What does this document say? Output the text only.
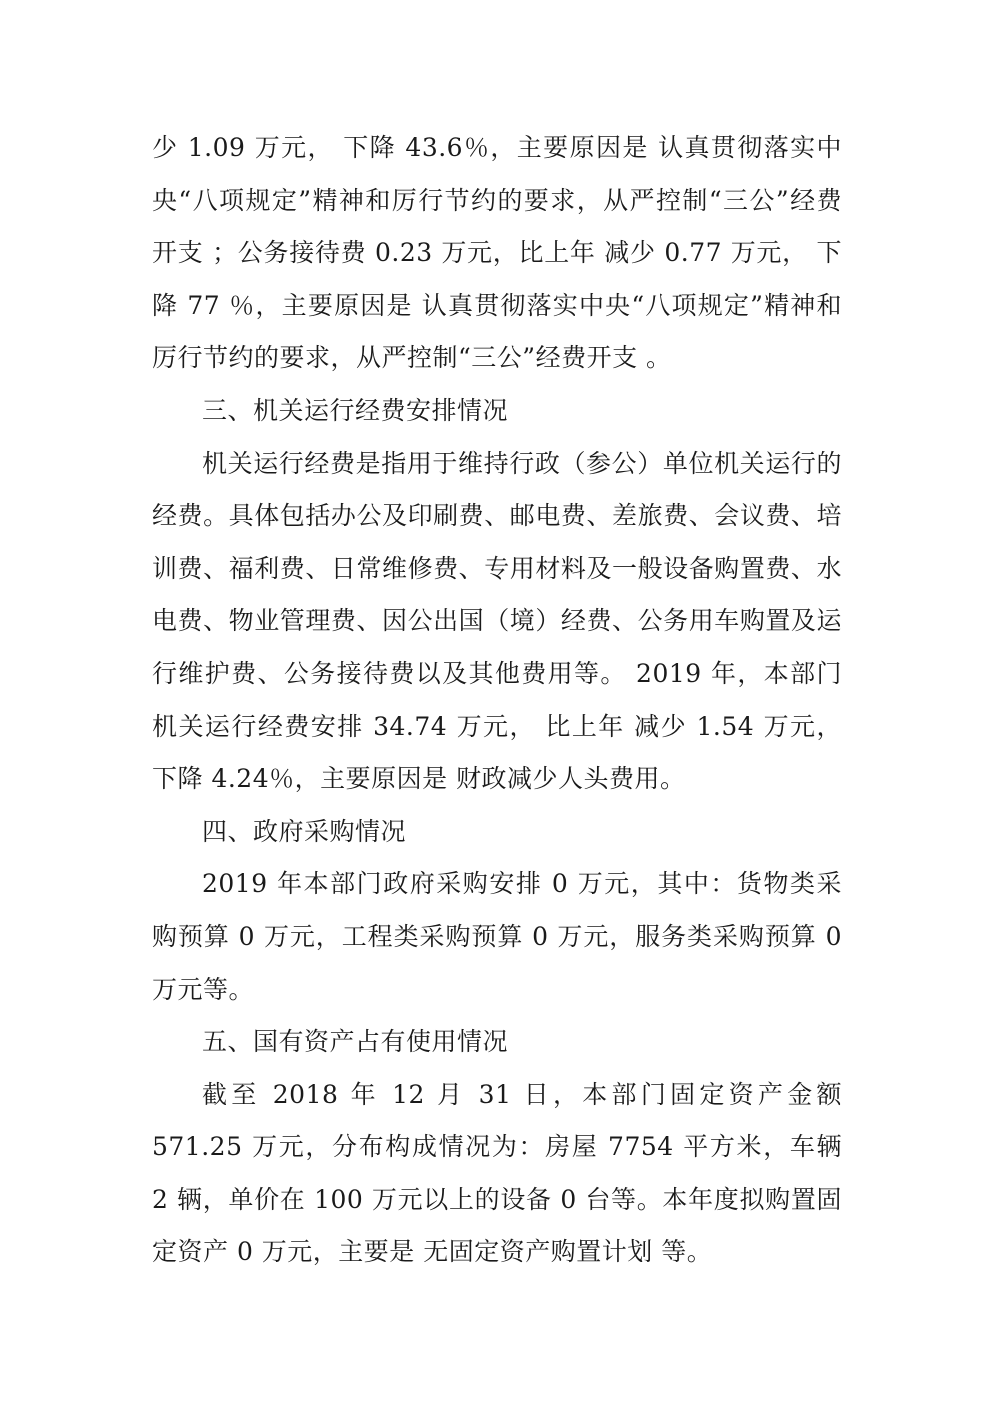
少 1.09 万元， 下降 43.6％，主要原因是 认真贯彻落实中央“八项规定”精神和厉行节约的要求，从严控制“三公”经费开支 ；公务接待费 0.23 万元，比上年 减少 0.77 万元， 下降 77 ％，主要原因是 认真贯彻落实中央“八项规定”精神和厉行节约的要求，从严控制“三公”经费开支 。

三、机关运行经费安排情况

机关运行经费是指用于维持行政（参公）单位机关运行的经费。具体包括办公及印刷费、邮电费、差旅费、会议费、培训费、福利费、日常维修费、专用材料及一般设备购置费、水电费、物业管理费、因公出国（境）经费、公务用车购置及运行维护费、公务接待费以及其他费用等。 2019 年，本部门机关运行经费安排 34.74 万元， 比上年 减少 1.54 万元， 下降 4.24％，主要原因是 财政减少人头费用。

四、政府采购情况

2019 年本部门政府采购安排 0 万元，其中：货物类采购预算 0 万元，工程类采购预算 0 万元，服务类采购预算 0 万元等。

五、国有资产占有使用情况

截至 2018 年 12 月 31 日，本部门固定资产金额 571.25 万元，分布构成情况为：房屋 7754 平方米，车辆 2 辆，单价在 100 万元以上的设备 0 台等。本年度拟购置固定资产 0 万元，主要是 无固定资产购置计划 等。
